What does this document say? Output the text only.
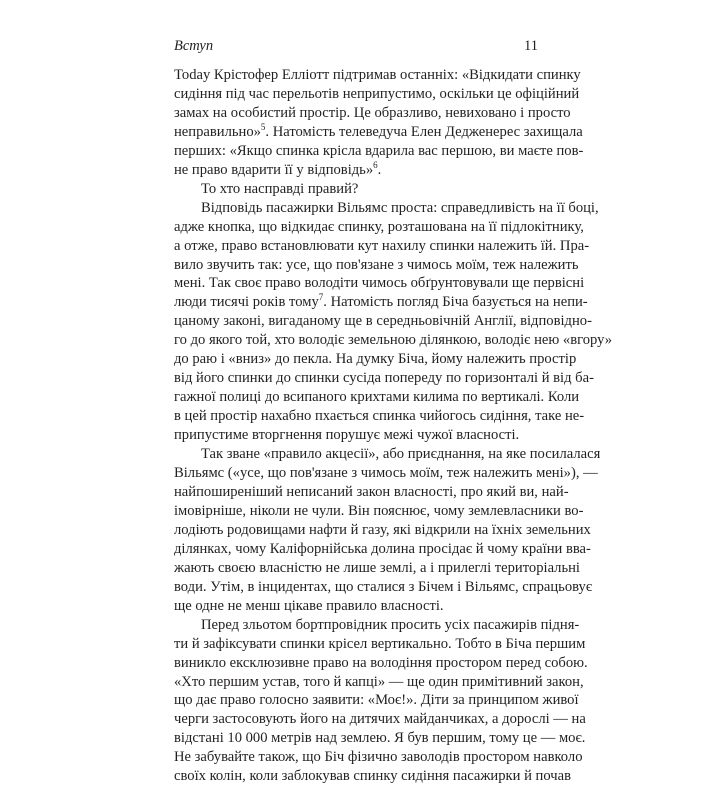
Вступ	11
Today Крістофер Еллiотт підтримав останніх: «Відкидати спинку
сидіння під час перельотів неприпустимо, оскільки це офіційний
замах на особистий простір. Це образливо, невиховано і просто
неправильно»$^5$. Натомість телеведуча Елен Дедженерес захищала
перших: «Якщо спинка крісла вдарила вас першою, ви маєте пов-
не право вдарити її у відповідь»$^6$.
То хто насправді правий?
Відповідь пасажирки Вільямс проста: справедливість на її боці,
адже кнопка, що відкидає спинку, розташована на її підлокітнику,
а отже, право встановлювати кут нахилу спинки належить їй. Пра-
вило звучить так: усе, що пов'язане з чимось моїм, теж належить
мені. Так своє право володіти чимось обґрунтовували ще первісні
люди тисячі років тому$^7$. Натомість погляд Біча базується на непи-
цаному законі, вигаданому ще в середньовічній Англії, відповідно-
го до якого той, хто володіє земельною ділянкою, володіє нею «вгору»
до раю і «вниз» до пекла. На думку Біча, йому належить простір
від його спинки до спинки сусіда попереду по горизонталі й від ба-
гажної полиці до всипаного крихтами килима по вертикалі. Коли
в цей простір нахабно пхається спинка чийогось сидіння, таке не-
припустиме вторгнення порушує межі чужої власності.
Так зване «правило акцесії», або приєднання, на яке посилалася
Вільямс («усе, що пов'язане з чимось моїм, теж належить мені»), —
найпоширеніший неписаний закон власності, про який ви, най-
імовірніше, ніколи не чули. Він пояснює, чому землевласники во-
лодіють родовищами нафти й газу, які відкрили на їхніх земельних
ділянках, чому Каліфорнійська долина просідає й чому країни вва-
жають своєю власністю не лише землі, а і прилеглі територіальні
води. Утім, в інцидентах, що сталися з Бічем і Вільямс, спрацьовує
ще одне не менш цікаве правило власності.
Перед зльотом бортпровідник просить усіх пасажирів підня-
ти й зафіксувати спинки крісел вертикально. Тобто в Біча першим
виникло ексклюзивне право на володіння простором перед собою.
«Хто першим устав, того й капці» — ще один примітивний закон,
що дає право голосно заявити: «Моє!». Діти за принципом живої
черги застосовують його на дитячих майданчиках, а дорослі — на
відстані 10 000 метрів над землею. Я був першим, тому це — моє.
Не забувайте також, що Біч фізично заволодів простором навколо
своїх колін, коли заблокував спинку сидіння пасажирки й почав
